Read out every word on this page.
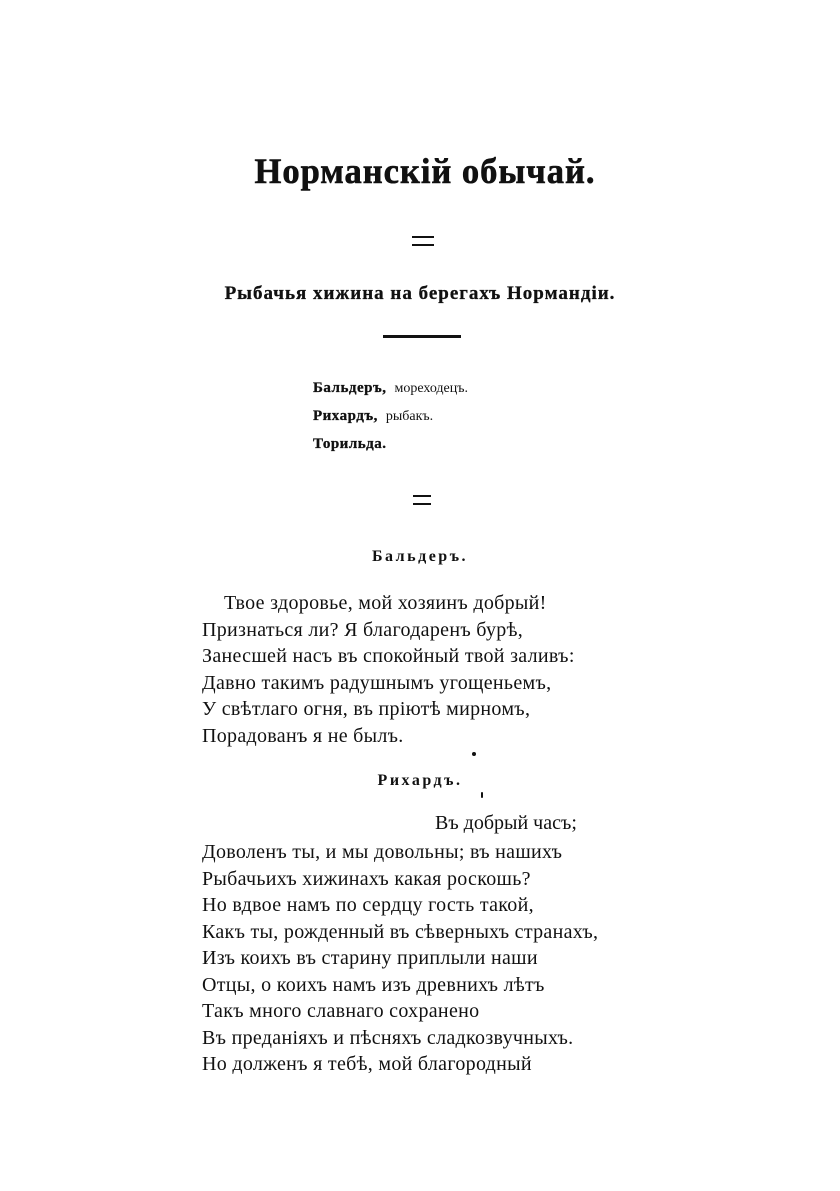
Норманскій обычай.
Рыбачья хижина на берегахъ Нормандіи.
Бальдеръ, мореходецъ.
Рихардъ, рыбакъ.
Торильда.
Бальдеръ.
Твое здоровье, мой хозяинъ добрый!
Признаться ли? Я благодаренъ бурѣ,
Занесшей насъ въ спокойный твой заливъ:
Давно такимъ радушнымъ угощеньемъ,
У свѣтлаго огня, въ пріютѣ мирномъ,
Порадованъ я не былъ.
Рихардъ.
Въ добрый часъ;
Доволенъ ты, и мы довольны; въ нашихъ
Рыбачьихъ хижинахъ какая роскошь?
Но вдвое намъ по сердцу гость такой,
Какъ ты, рожденный въ сѣверныхъ странахъ,
Изъ коихъ въ старину приплыли наши
Отцы, о коихъ намъ изъ древнихъ лѣтъ
Такъ много славнаго сохранено
Въ преданіяхъ и пѣсняхъ сладкозвучныхъ.
Но долженъ я тебѣ, мой благородный
